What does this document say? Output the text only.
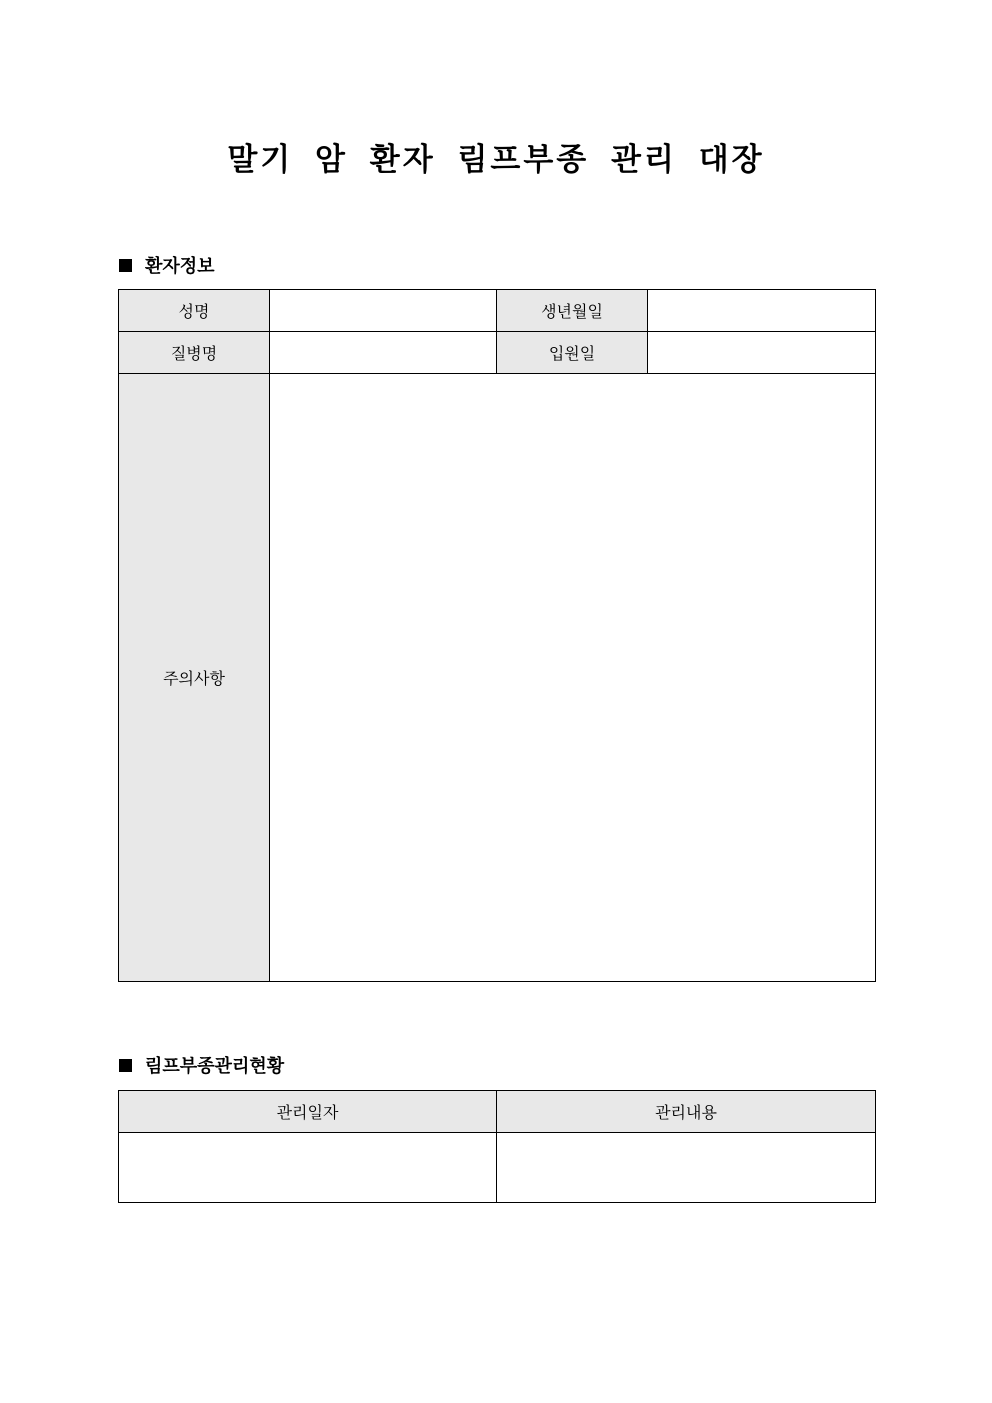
말기 암 환자 림프부종 관리 대장
환자정보
성명		생년월일	
질병명		입원일	
주의사항			
림프부종관리현황
관리일자	관리내용
